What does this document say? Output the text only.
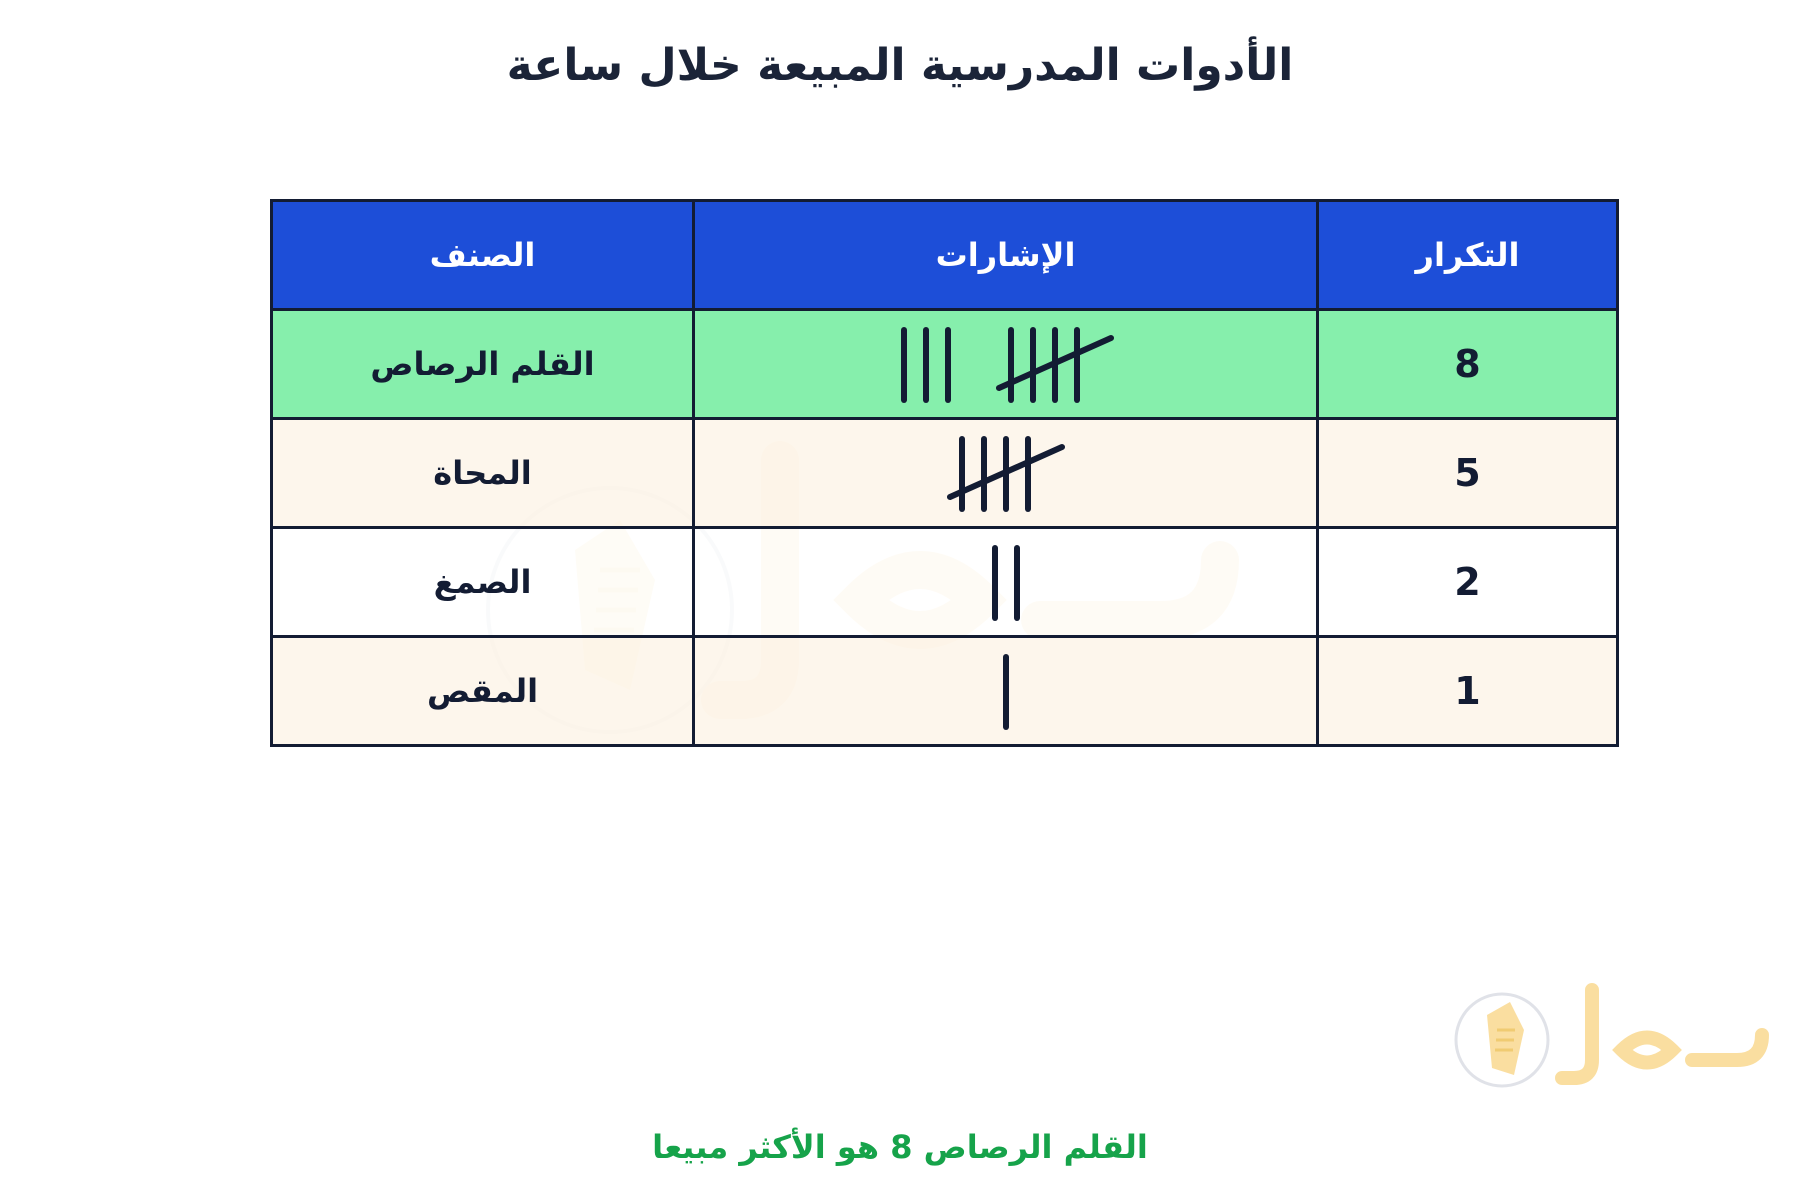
الأدوات المدرسية المبيعة خلال ساعة
التكرار	الإشارات	الصنف
8		القلم الرصاص
5		المحاة
2		الصمغ
1		المقص
القلم الرصاص 8 هو الأكثر مبيعا
